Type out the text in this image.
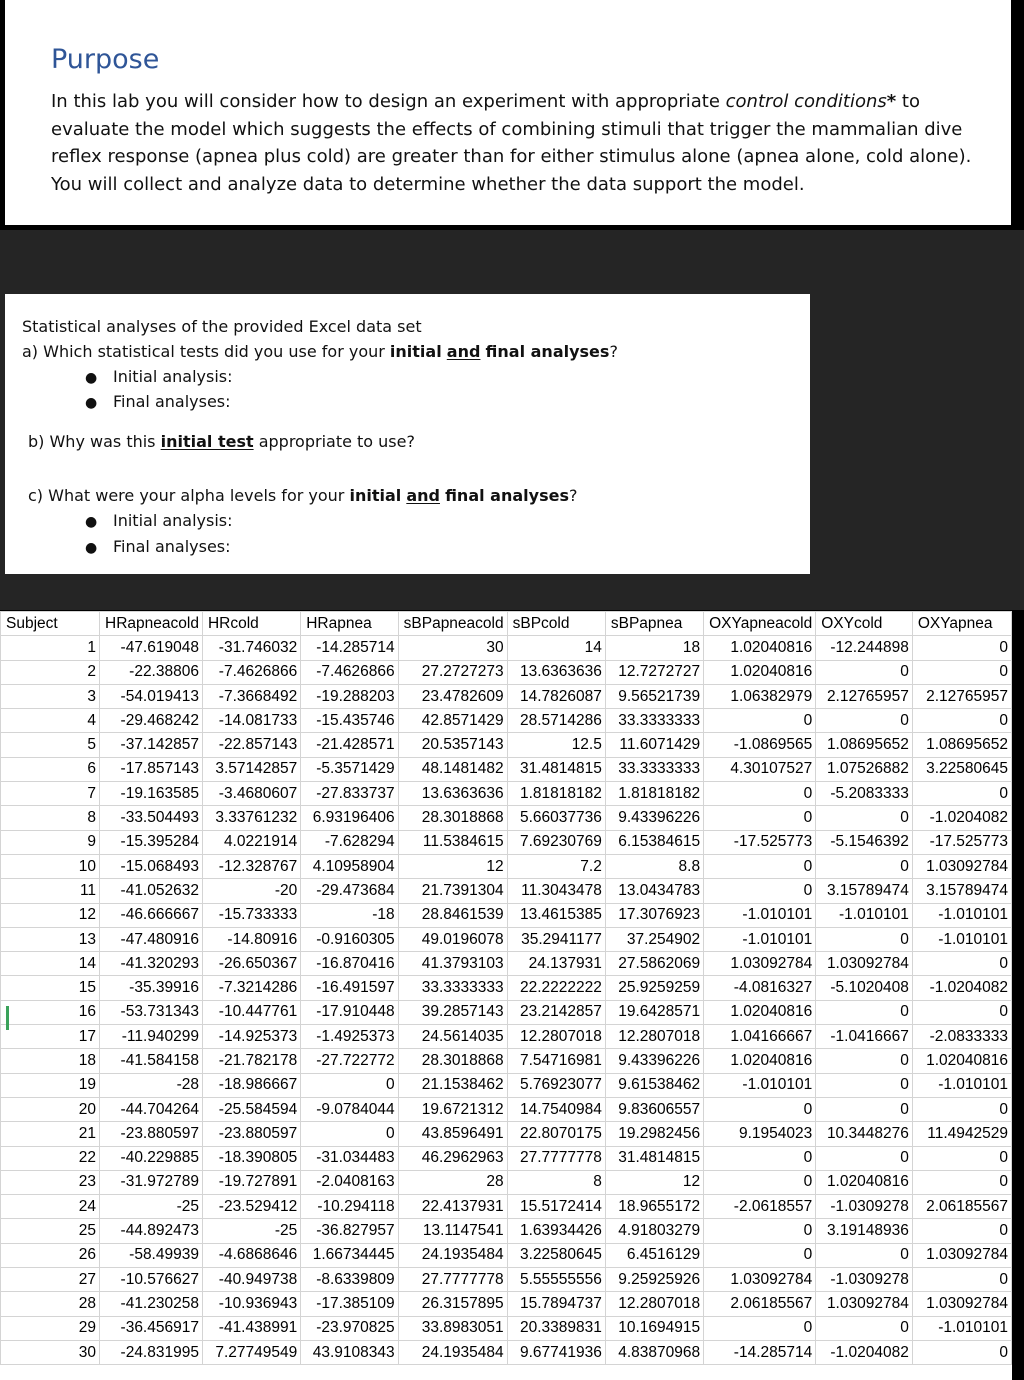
Purpose
In this lab you will consider how to design an experiment with appropriate control conditions* to evaluate the model which suggests the effects of combining stimuli that trigger the mammalian dive reflex response (apnea plus cold) are greater than for either stimulus alone (apnea alone, cold alone). You will collect and analyze data to determine whether the data support the model.
Statistical analyses of the provided Excel data set
a) Which statistical tests did you use for your initial and final analyses?
● Initial analysis:
● Final analyses:
b) Why was this initial test appropriate to use?
c) What were your alpha levels for your initial and final analyses?
● Initial analysis:
● Final analyses:
Subject	HRapneacold	HRcold	HRapnea	sBPapneacold	sBPcold	sBPapnea	OXYapneacold	OXYcold	OXYapnea
1	-47.619048	-31.746032	-14.285714	30	14	18	1.02040816	-12.244898	0
2	-22.38806	-7.4626866	-7.4626866	27.2727273	13.6363636	12.7272727	1.02040816	0	0
3	-54.019413	-7.3668492	-19.288203	23.4782609	14.7826087	9.56521739	1.06382979	2.12765957	2.12765957
4	-29.468242	-14.081733	-15.435746	42.8571429	28.5714286	33.3333333	0	0	0
5	-37.142857	-22.857143	-21.428571	20.5357143	12.5	11.6071429	-1.0869565	1.08695652	1.08695652
6	-17.857143	3.57142857	-5.3571429	48.1481482	31.4814815	33.3333333	4.30107527	1.07526882	3.22580645
7	-19.163585	-3.4680607	-27.833737	13.6363636	1.81818182	1.81818182	0	-5.2083333	0
8	-33.504493	3.33761232	6.93196406	28.3018868	5.66037736	9.43396226	0	0	-1.0204082
9	-15.395284	4.0221914	-7.628294	11.5384615	7.69230769	6.15384615	-17.525773	-5.1546392	-17.525773
10	-15.068493	-12.328767	4.10958904	12	7.2	8.8	0	0	1.03092784
11	-41.052632	-20	-29.473684	21.7391304	11.3043478	13.0434783	0	3.15789474	3.15789474
12	-46.666667	-15.733333	-18	28.8461539	13.4615385	17.3076923	-1.010101	-1.010101	-1.010101
13	-47.480916	-14.80916	-0.9160305	49.0196078	35.2941177	37.254902	-1.010101	0	-1.010101
14	-41.320293	-26.650367	-16.870416	41.3793103	24.137931	27.5862069	1.03092784	1.03092784	0
15	-35.39916	-7.3214286	-16.491597	33.3333333	22.2222222	25.9259259	-4.0816327	-5.1020408	-1.0204082
16	-53.731343	-10.447761	-17.910448	39.2857143	23.2142857	19.6428571	1.02040816	0	0
17	-11.940299	-14.925373	-1.4925373	24.5614035	12.2807018	12.2807018	1.04166667	-1.0416667	-2.0833333
18	-41.584158	-21.782178	-27.722772	28.3018868	7.54716981	9.43396226	1.02040816	0	1.02040816
19	-28	-18.986667	0	21.1538462	5.76923077	9.61538462	-1.010101	0	-1.010101
20	-44.704264	-25.584594	-9.0784044	19.6721312	14.7540984	9.83606557	0	0	0
21	-23.880597	-23.880597	0	43.8596491	22.8070175	19.2982456	9.1954023	10.3448276	11.4942529
22	-40.229885	-18.390805	-31.034483	46.2962963	27.7777778	31.4814815	0	0	0
23	-31.972789	-19.727891	-2.0408163	28	8	12	0	1.02040816	0
24	-25	-23.529412	-10.294118	22.4137931	15.5172414	18.9655172	-2.0618557	-1.0309278	2.06185567
25	-44.892473	-25	-36.827957	13.1147541	1.63934426	4.91803279	0	3.19148936	0
26	-58.49939	-4.6868646	1.66734445	24.1935484	3.22580645	6.4516129	0	0	1.03092784
27	-10.576627	-40.949738	-8.6339809	27.7777778	5.55555556	9.25925926	1.03092784	-1.0309278	0
28	-41.230258	-10.936943	-17.385109	26.3157895	15.7894737	12.2807018	2.06185567	1.03092784	1.03092784
29	-36.456917	-41.438991	-23.970825	33.8983051	20.3389831	10.1694915	0	0	-1.010101
30	-24.831995	7.27749549	43.9108343	24.1935484	9.67741936	4.83870968	-14.285714	-1.0204082	0
